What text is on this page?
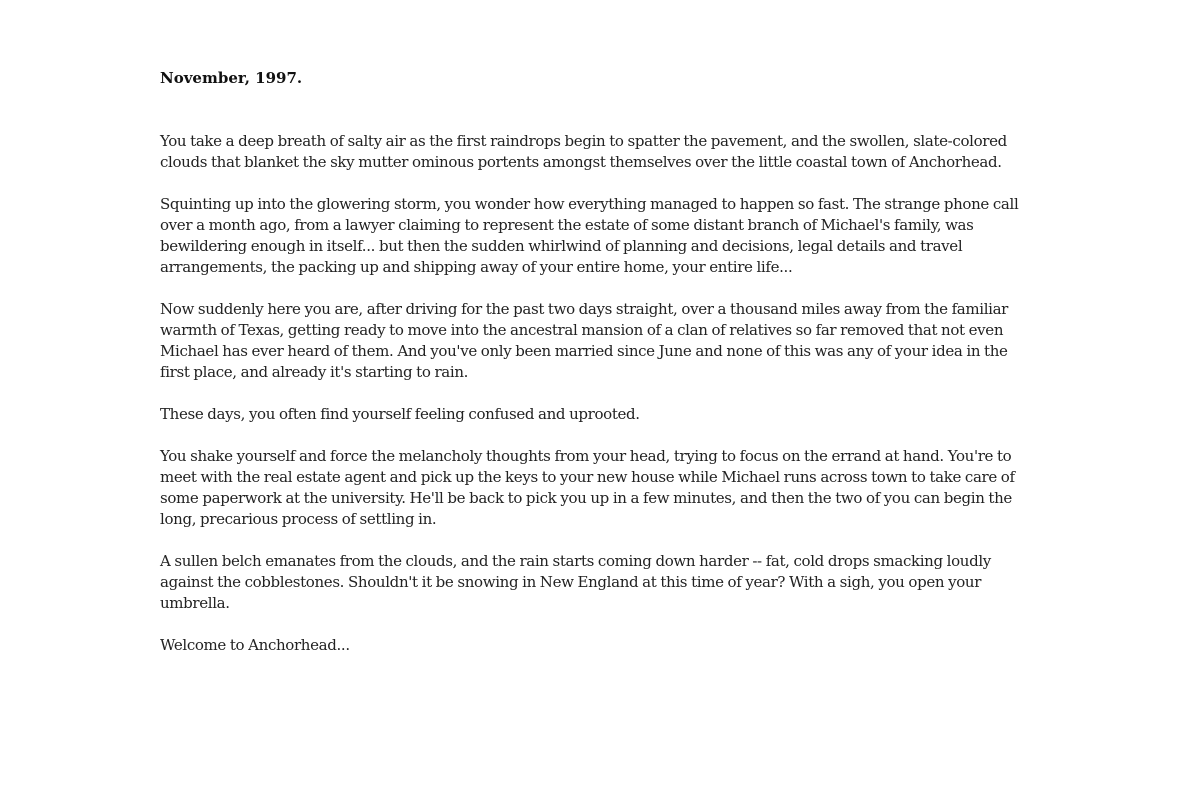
November, 1997.

You take a deep breath of salty air as the first raindrops begin to spatter the pavement, and the swollen, slate-colored clouds that blanket the sky mutter ominous portents amongst themselves over the little coastal town of Anchorhead.

Squinting up into the glowering storm, you wonder how everything managed to happen so fast. The strange phone call over a month ago, from a lawyer claiming to represent the estate of some distant branch of Michael's family, was bewildering enough in itself... but then the sudden whirlwind of planning and decisions, legal details and travel arrangements, the packing up and shipping away of your entire home, your entire life...

Now suddenly here you are, after driving for the past two days straight, over a thousand miles away from the familiar warmth of Texas, getting ready to move into the ancestral mansion of a clan of relatives so far removed that not even Michael has ever heard of them. And you've only been married since June and none of this was any of your idea in the first place, and already it's starting to rain.

These days, you often find yourself feeling confused and uprooted.

You shake yourself and force the melancholy thoughts from your head, trying to focus on the errand at hand. You're to meet with the real estate agent and pick up the keys to your new house while Michael runs across town to take care of some paperwork at the university. He'll be back to pick you up in a few minutes, and then the two of you can begin the long, precarious process of settling in.

A sullen belch emanates from the clouds, and the rain starts coming down harder -- fat, cold drops smacking loudly against the cobblestones. Shouldn't it be snowing in New England at this time of year? With a sigh, you open your umbrella.

Welcome to Anchorhead...
